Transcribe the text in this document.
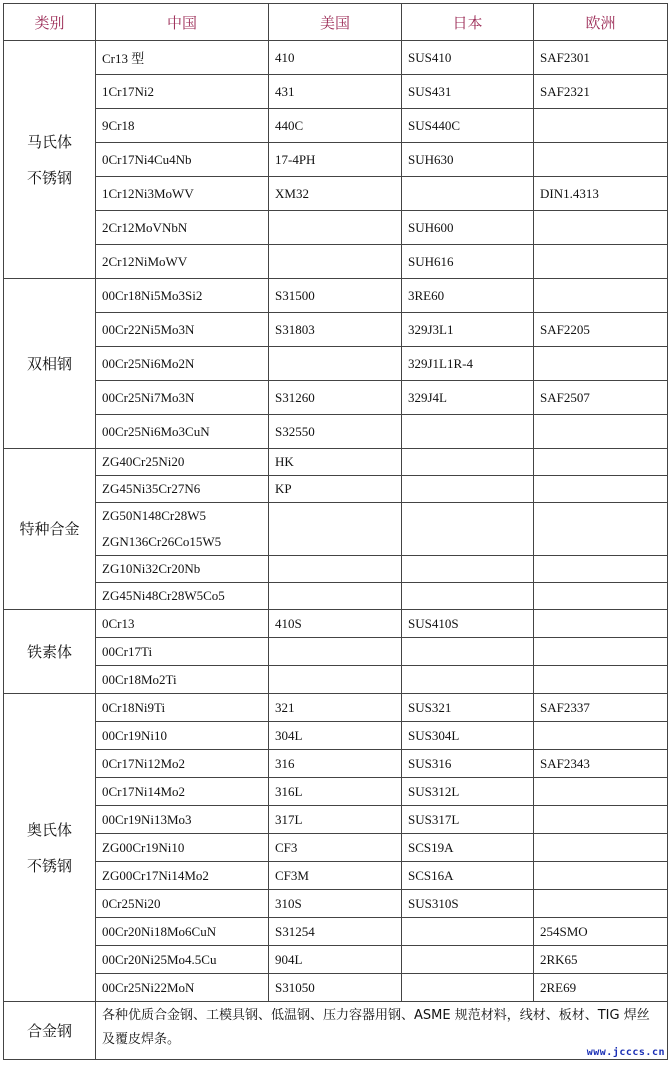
类别	中国	美国	日本	欧洲

马氏体
不锈钢	Cr13 型	410	SUS410	SAF2301
	1Cr17Ni2	431	SUS431	SAF2321
	9Cr18	440C	SUS440C	
	0Cr17Ni4Cu4Nb	17-4PH	SUH630	
	1Cr12Ni3MoWV	XM32		DIN1.4313
	2Cr12MoVNbN		SUH600	
	2Cr12NiMoWV		SUH616	

双相钢	00Cr18Ni5Mo3Si2	S31500	3RE60	
	00Cr22Ni5Mo3N	S31803	329J3L1	SAF2205
	00Cr25Ni6Mo2N		329J1L1R-4	
	00Cr25Ni7Mo3N	S31260	329J4L	SAF2507
	00Cr25Ni6Mo3CuN	S32550		

特种合金	ZG40Cr25Ni20	HK		
	ZG45Ni35Cr27N6	KP		

	ZG50N148Cr28W5
ZGN136Cr26Co15W5			

	ZG10Ni32Cr20Nb			
	ZG45Ni48Cr28W5Co5			

铁素体	0Cr13	410S	SUS410S	
	00Cr17Ti			
	00Cr18Mo2Ti			

奥氏体
不锈钢	0Cr18Ni9Ti	321	SUS321	SAF2337
	00Cr19Ni10	304L	SUS304L	
	0Cr17Ni12Mo2	316	SUS316	SAF2343
	0Cr17Ni14Mo2	316L	SUS312L	
	00Cr19Ni13Mo3	317L	SUS317L	
	ZG00Cr19Ni10	CF3	SCS19A	
	ZG00Cr17Ni14Mo2	CF3M	SCS16A	
	0Cr25Ni20	310S	SUS310S	
	00Cr20Ni18Mo6CuN	S31254		254SMO
	00Cr20Ni25Mo4.5Cu	904L		2RK65
	00Cr25Ni22MoN	S31050		2RE69
合金钢	各种优质合金钢、工模具钢、低温钢、压力容器用钢、ASME 规范材料，线材、板材、TIG 焊丝及覆皮焊条。			
www.jcccs.cn
